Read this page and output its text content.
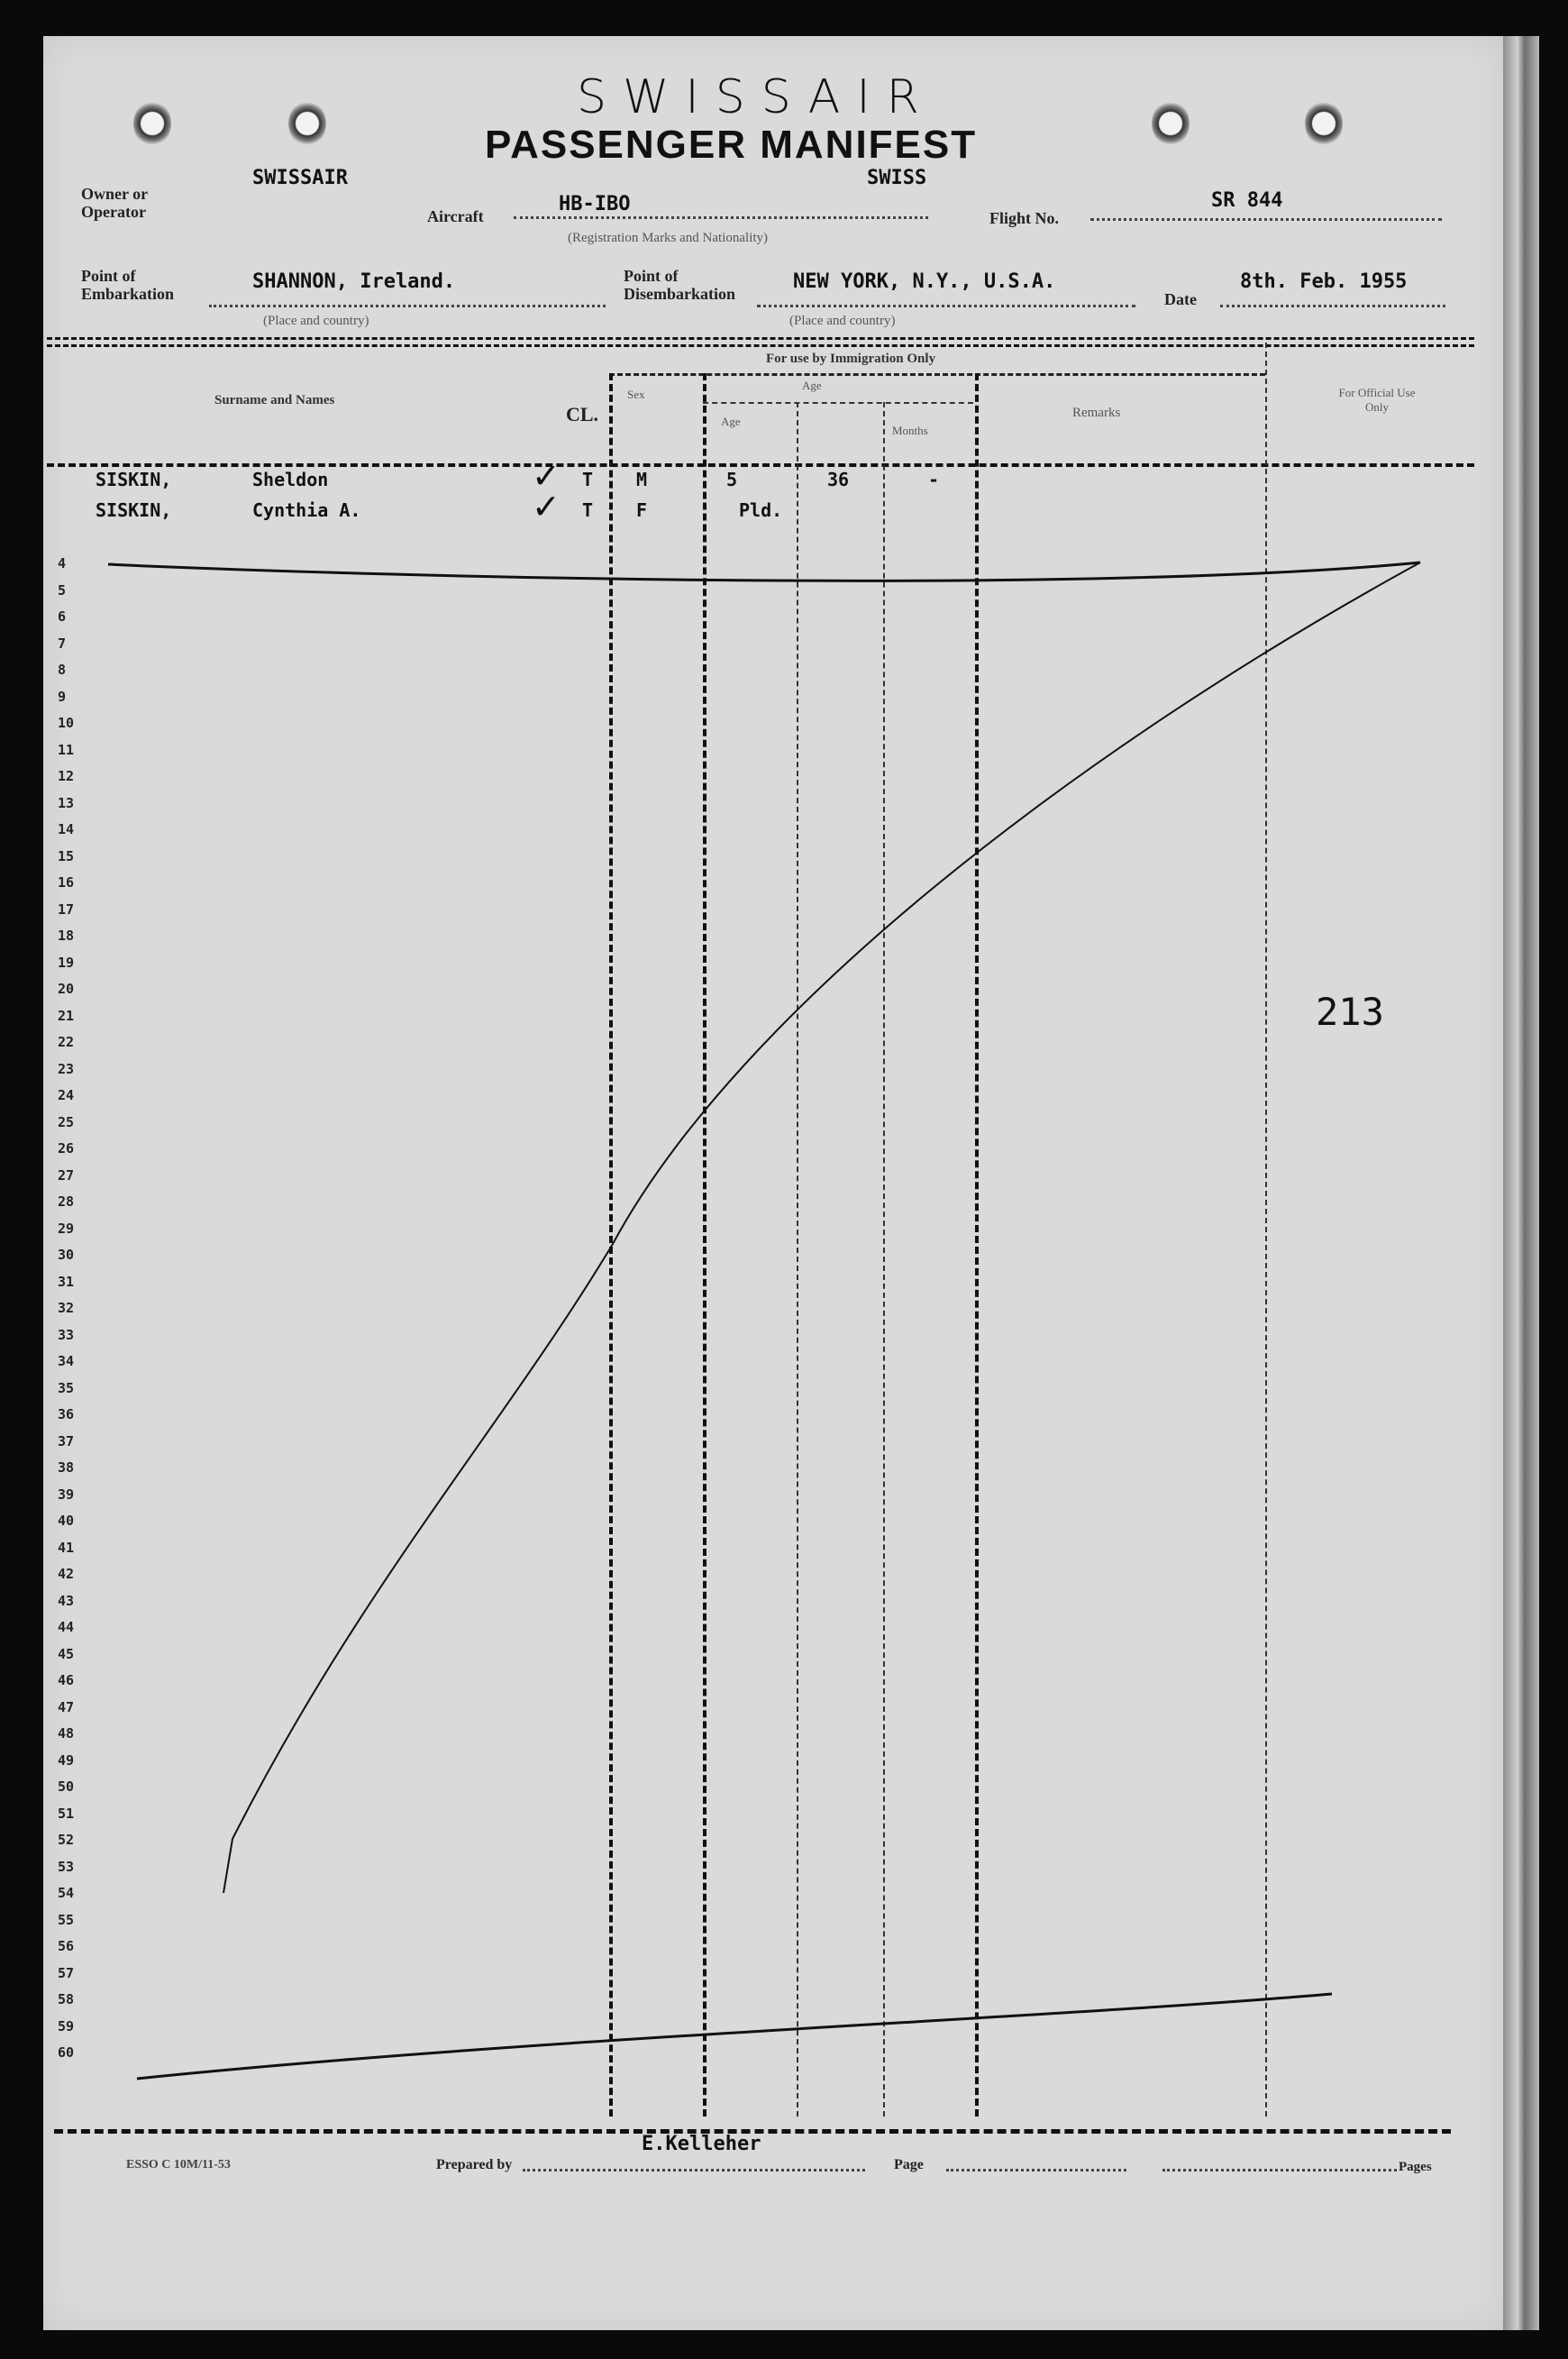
SWISSAIR
PASSENGER MANIFEST
Owner or
Operator
SWISSAIR	SWISS
Aircraft
HB-IBO
(Registration Marks and Nationality)
Flight No.
SR 844
Point of
Embarkation
SHANNON, Ireland.
(Place and country)
Point of
Disembarkation
NEW YORK, N.Y., U.S.A.
(Place and country)
Date
8th. Feb. 1955
For use by Immigration Only
Surname and Names
CL.
Sex
Age
Age
Months
Remarks
For Official Use Only
SISKIN,	Sheldon	✓ T M	5	36	-
SISKIN,	Cynthia A.	✓ T F	Pld.
4
5
6
7
8
9
10
11
12
13
14
15
16
17
18
19
20
21
22
23
24
25
26
27
28
29
30
31
32
33
34
35
36
37
38
39
40
41
42
43
44
45
46
47
48
49
50
51
52
53
54
55
56
57
58
59
60
213
E.Kelleher
ESSO C 10M/11-53	Prepared by	Page	Pages
